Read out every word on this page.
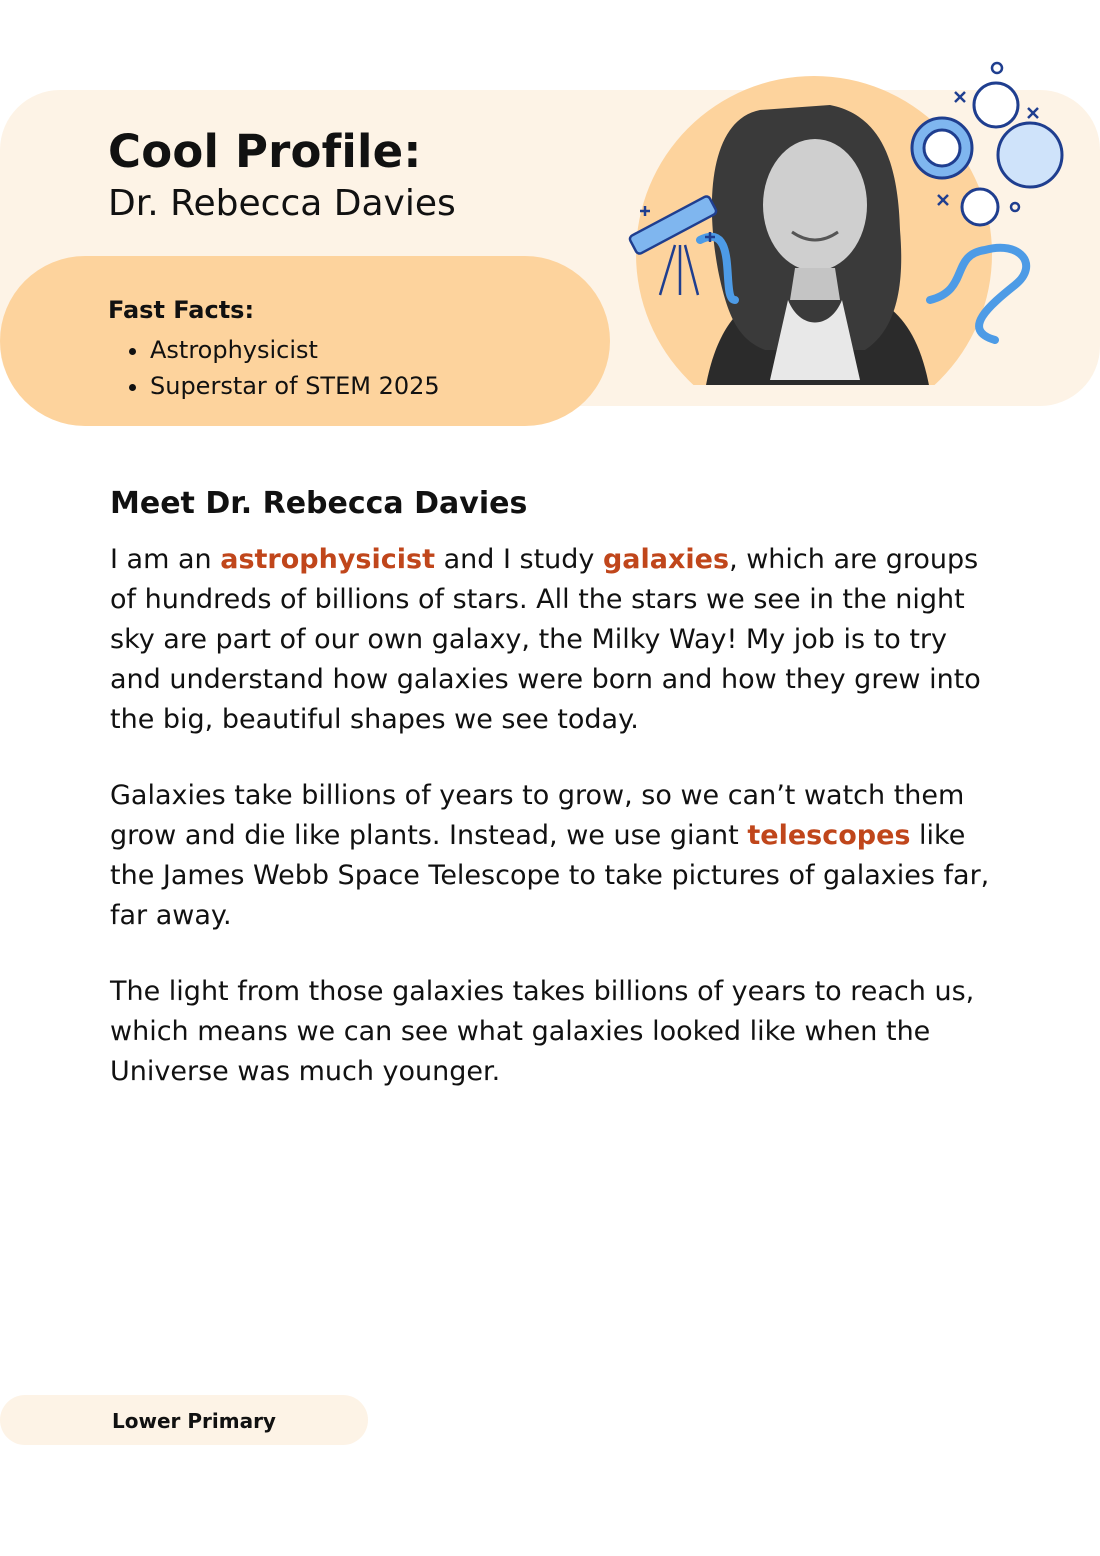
Cool Profile:
Dr. Rebecca Davies
Fast Facts:
• Astrophysicist
• Superstar of STEM 2025
Meet Dr. Rebecca Davies

I am an astrophysicist and I study galaxies, which are groups of hundreds of billions of stars. All the stars we see in the night sky are part of our own galaxy, the Milky Way! My job is to try and understand how galaxies were born and how they grew into the big, beautiful shapes we see today.

Galaxies take billions of years to grow, so we can’t watch them grow and die like plants. Instead, we use giant telescopes like the James Webb Space Telescope to take pictures of galaxies far, far away.

The light from those galaxies takes billions of years to reach us, which means we can see what galaxies looked like when the Universe was much younger.

Lower Primary
